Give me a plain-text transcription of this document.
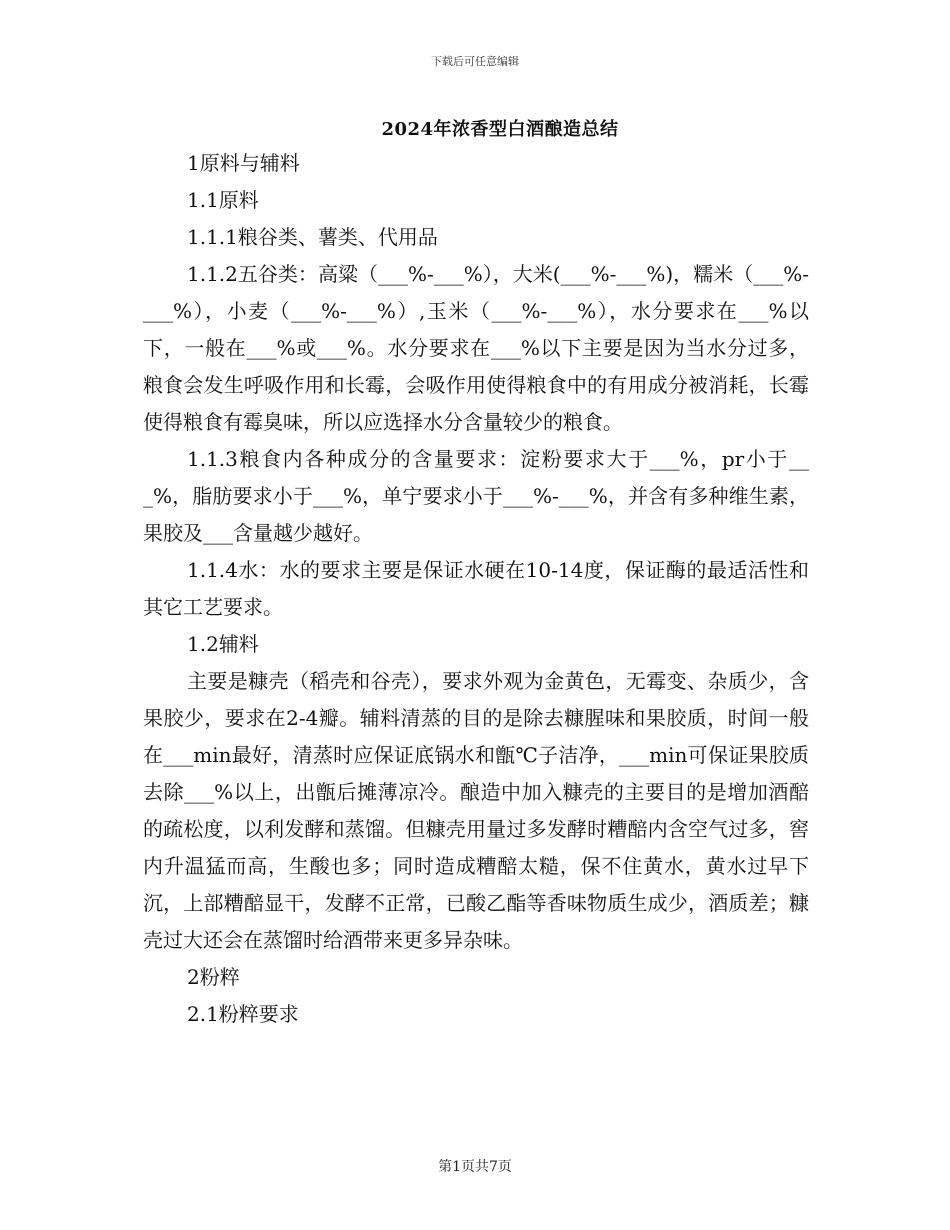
下载后可任意编辑
2024年浓香型白酒酿造总结

1原料与辅料

1.1原料

1.1.1粮谷类、薯类、代用品

1.1.2五谷类：高粱（___%-___%），大米(___%-___%)，糯米（___%-___%），小麦（___%-___%）,玉米（___%-___%），水分要求在___%以下，一般在___%或___%。水分要求在___%以下主要是因为当水分过多，粮食会发生呼吸作用和长霉，会吸作用使得粮食中的有用成分被消耗，长霉使得粮食有霉臭味，所以应选择水分含量较少的粮食。

1.1.3粮食内各种成分的含量要求：淀粉要求大于___%，pr小于___%，脂肪要求小于___%，单宁要求小于___%-___%，并含有多种维生素，果胶及___含量越少越好。

1.1.4水：水的要求主要是保证水硬在10-14度，保证酶的最适活性和其它工艺要求。

1.2辅料

主要是糠壳（稻壳和谷壳），要求外观为金黄色，无霉变、杂质少，含果胶少，要求在2-4瓣。辅料清蒸的目的是除去糠腥味和果胶质，时间一般在___min最好，清蒸时应保证底锅水和甑℃子洁净，___min可保证果胶质去除___%以上，出甑后摊薄凉冷。酿造中加入糠壳的主要目的是增加酒醅的疏松度，以利发酵和蒸馏。但糠壳用量过多发酵时糟醅内含空气过多，窖内升温猛而高，生酸也多；同时造成糟醅太糙，保不住黄水，黄水过早下沉，上部糟醅显干，发酵不正常，已酸乙酯等香味物质生成少，酒质差；糠壳过大还会在蒸馏时给酒带来更多异杂味。

2粉粹

2.1粉粹要求

第1页共7页
